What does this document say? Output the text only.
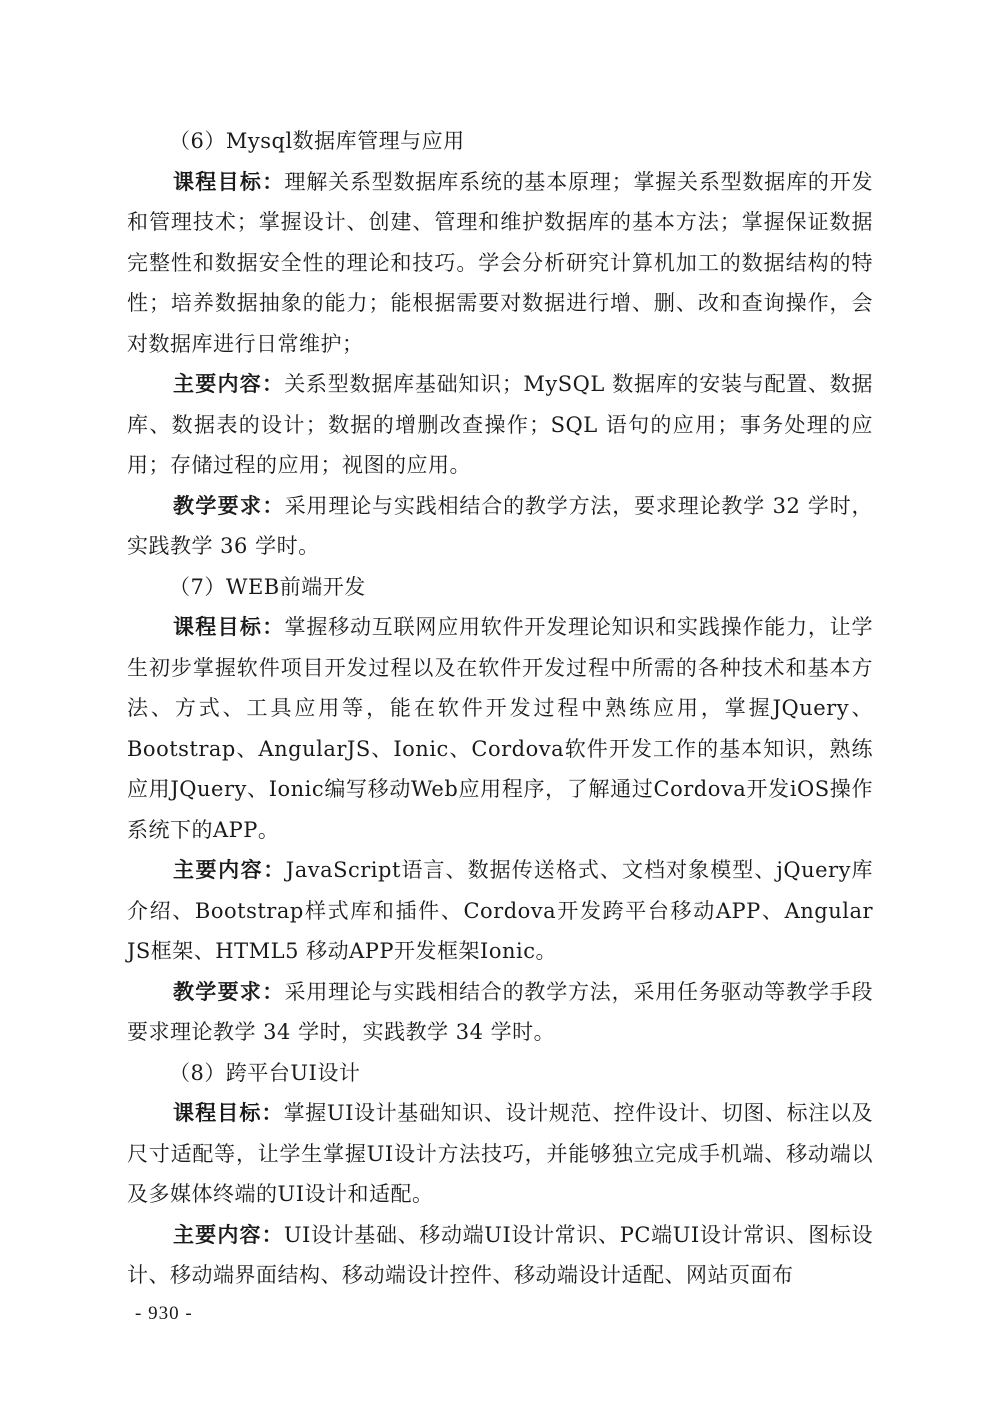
（6）Mysql数据库管理与应用

课程目标：理解关系型数据库系统的基本原理；掌握关系型数据库的开发和管理技术；掌握设计、创建、管理和维护数据库的基本方法；掌握保证数据完整性和数据安全性的理论和技巧。学会分析研究计算机加工的数据结构的特性；培养数据抽象的能力；能根据需要对数据进行增、删、改和查询操作，会对数据库进行日常维护；

主要内容：关系型数据库基础知识；MySQL 数据库的安装与配置、数据库、数据表的设计；数据的增删改查操作；SQL 语句的应用；事务处理的应用；存储过程的应用；视图的应用。

教学要求：采用理论与实践相结合的教学方法，要求理论教学 32 学时，实践教学 36 学时。

（7）WEB前端开发

课程目标：掌握移动互联网应用软件开发理论知识和实践操作能力，让学生初步掌握软件项目开发过程以及在软件开发过程中所需的各种技术和基本方法、方式、工具应用等，能在软件开发过程中熟练应用，掌握JQuery、Bootstrap、AngularJS、Ionic、Cordova软件开发工作的基本知识，熟练应用JQuery、Ionic编写移动Web应用程序，了解通过Cordova开发iOS操作系统下的APP。

主要内容：JavaScript语言、数据传送格式、文档对象模型、jQuery库介绍、Bootstrap样式库和插件、Cordova开发跨平台移动APP、Angular JS框架、HTML5 移动APP开发框架Ionic。

教学要求：采用理论与实践相结合的教学方法，采用任务驱动等教学手段要求理论教学 34 学时，实践教学 34 学时。

（8）跨平台UI设计

课程目标：掌握UI设计基础知识、设计规范、控件设计、切图、标注以及尺寸适配等，让学生掌握UI设计方法技巧，并能够独立完成手机端、移动端以及多媒体终端的UI设计和适配。

主要内容：UI设计基础、移动端UI设计常识、PC端UI设计常识、图标设计、移动端界面结构、移动端设计控件、移动端设计适配、网站页面布

- 930 -
